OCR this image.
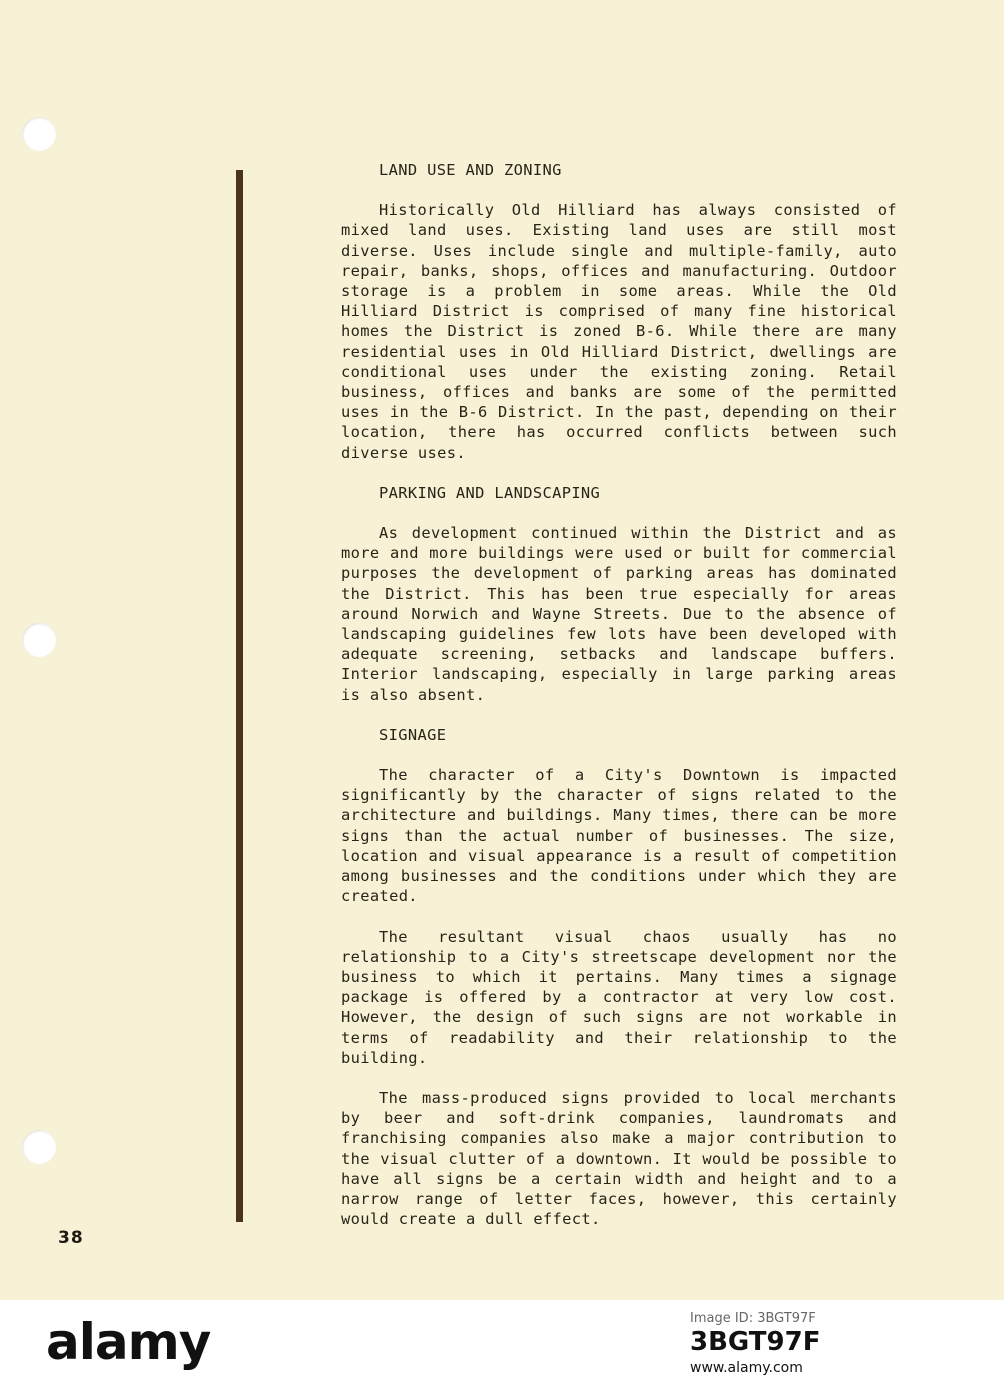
LAND USE AND ZONING

Historically Old Hilliard has always consisted of mixed land uses. Existing land uses are still most diverse. Uses include single and multiple-family, auto repair, banks, shops, offices and manufacturing. Outdoor storage is a problem in some areas. While the Old Hilliard District is comprised of many fine historical homes the District is zoned B-6. While there are many residential uses in Old Hilliard District, dwellings are conditional uses under the existing zoning. Retail business, offices and banks are some of the permitted uses in the B-6 District. In the past, depending on their location, there has occurred conflicts between such diverse uses.

PARKING AND LANDSCAPING

As development continued within the District and as more and more buildings were used or built for commercial purposes the development of parking areas has dominated the District. This has been true especially for areas around Norwich and Wayne Streets. Due to the absence of landscaping guidelines few lots have been developed with adequate screening, setbacks and landscape buffers. Interior landscaping, especially in large parking areas is also absent.

SIGNAGE

The character of a City's Downtown is impacted significantly by the character of signs related to the architecture and buildings. Many times, there can be more signs than the actual number of businesses. The size, location and visual appearance is a result of competition among businesses and the conditions under which they are created.

The resultant visual chaos usually has no relationship to a City's streetscape development nor the business to which it pertains. Many times a signage package is offered by a contractor at very low cost. However, the design of such signs are not workable in terms of readability and their relationship to the building.

The mass-produced signs provided to local merchants by beer and soft-drink companies, laundromats and franchising companies also make a major contribution to the visual clutter of a downtown. It would be possible to have all signs be a certain width and height and to a narrow range of letter faces, however, this certainly would create a dull effect.

38
alamy	Image ID: 3BGT97F
3BGT97F
www.alamy.com
